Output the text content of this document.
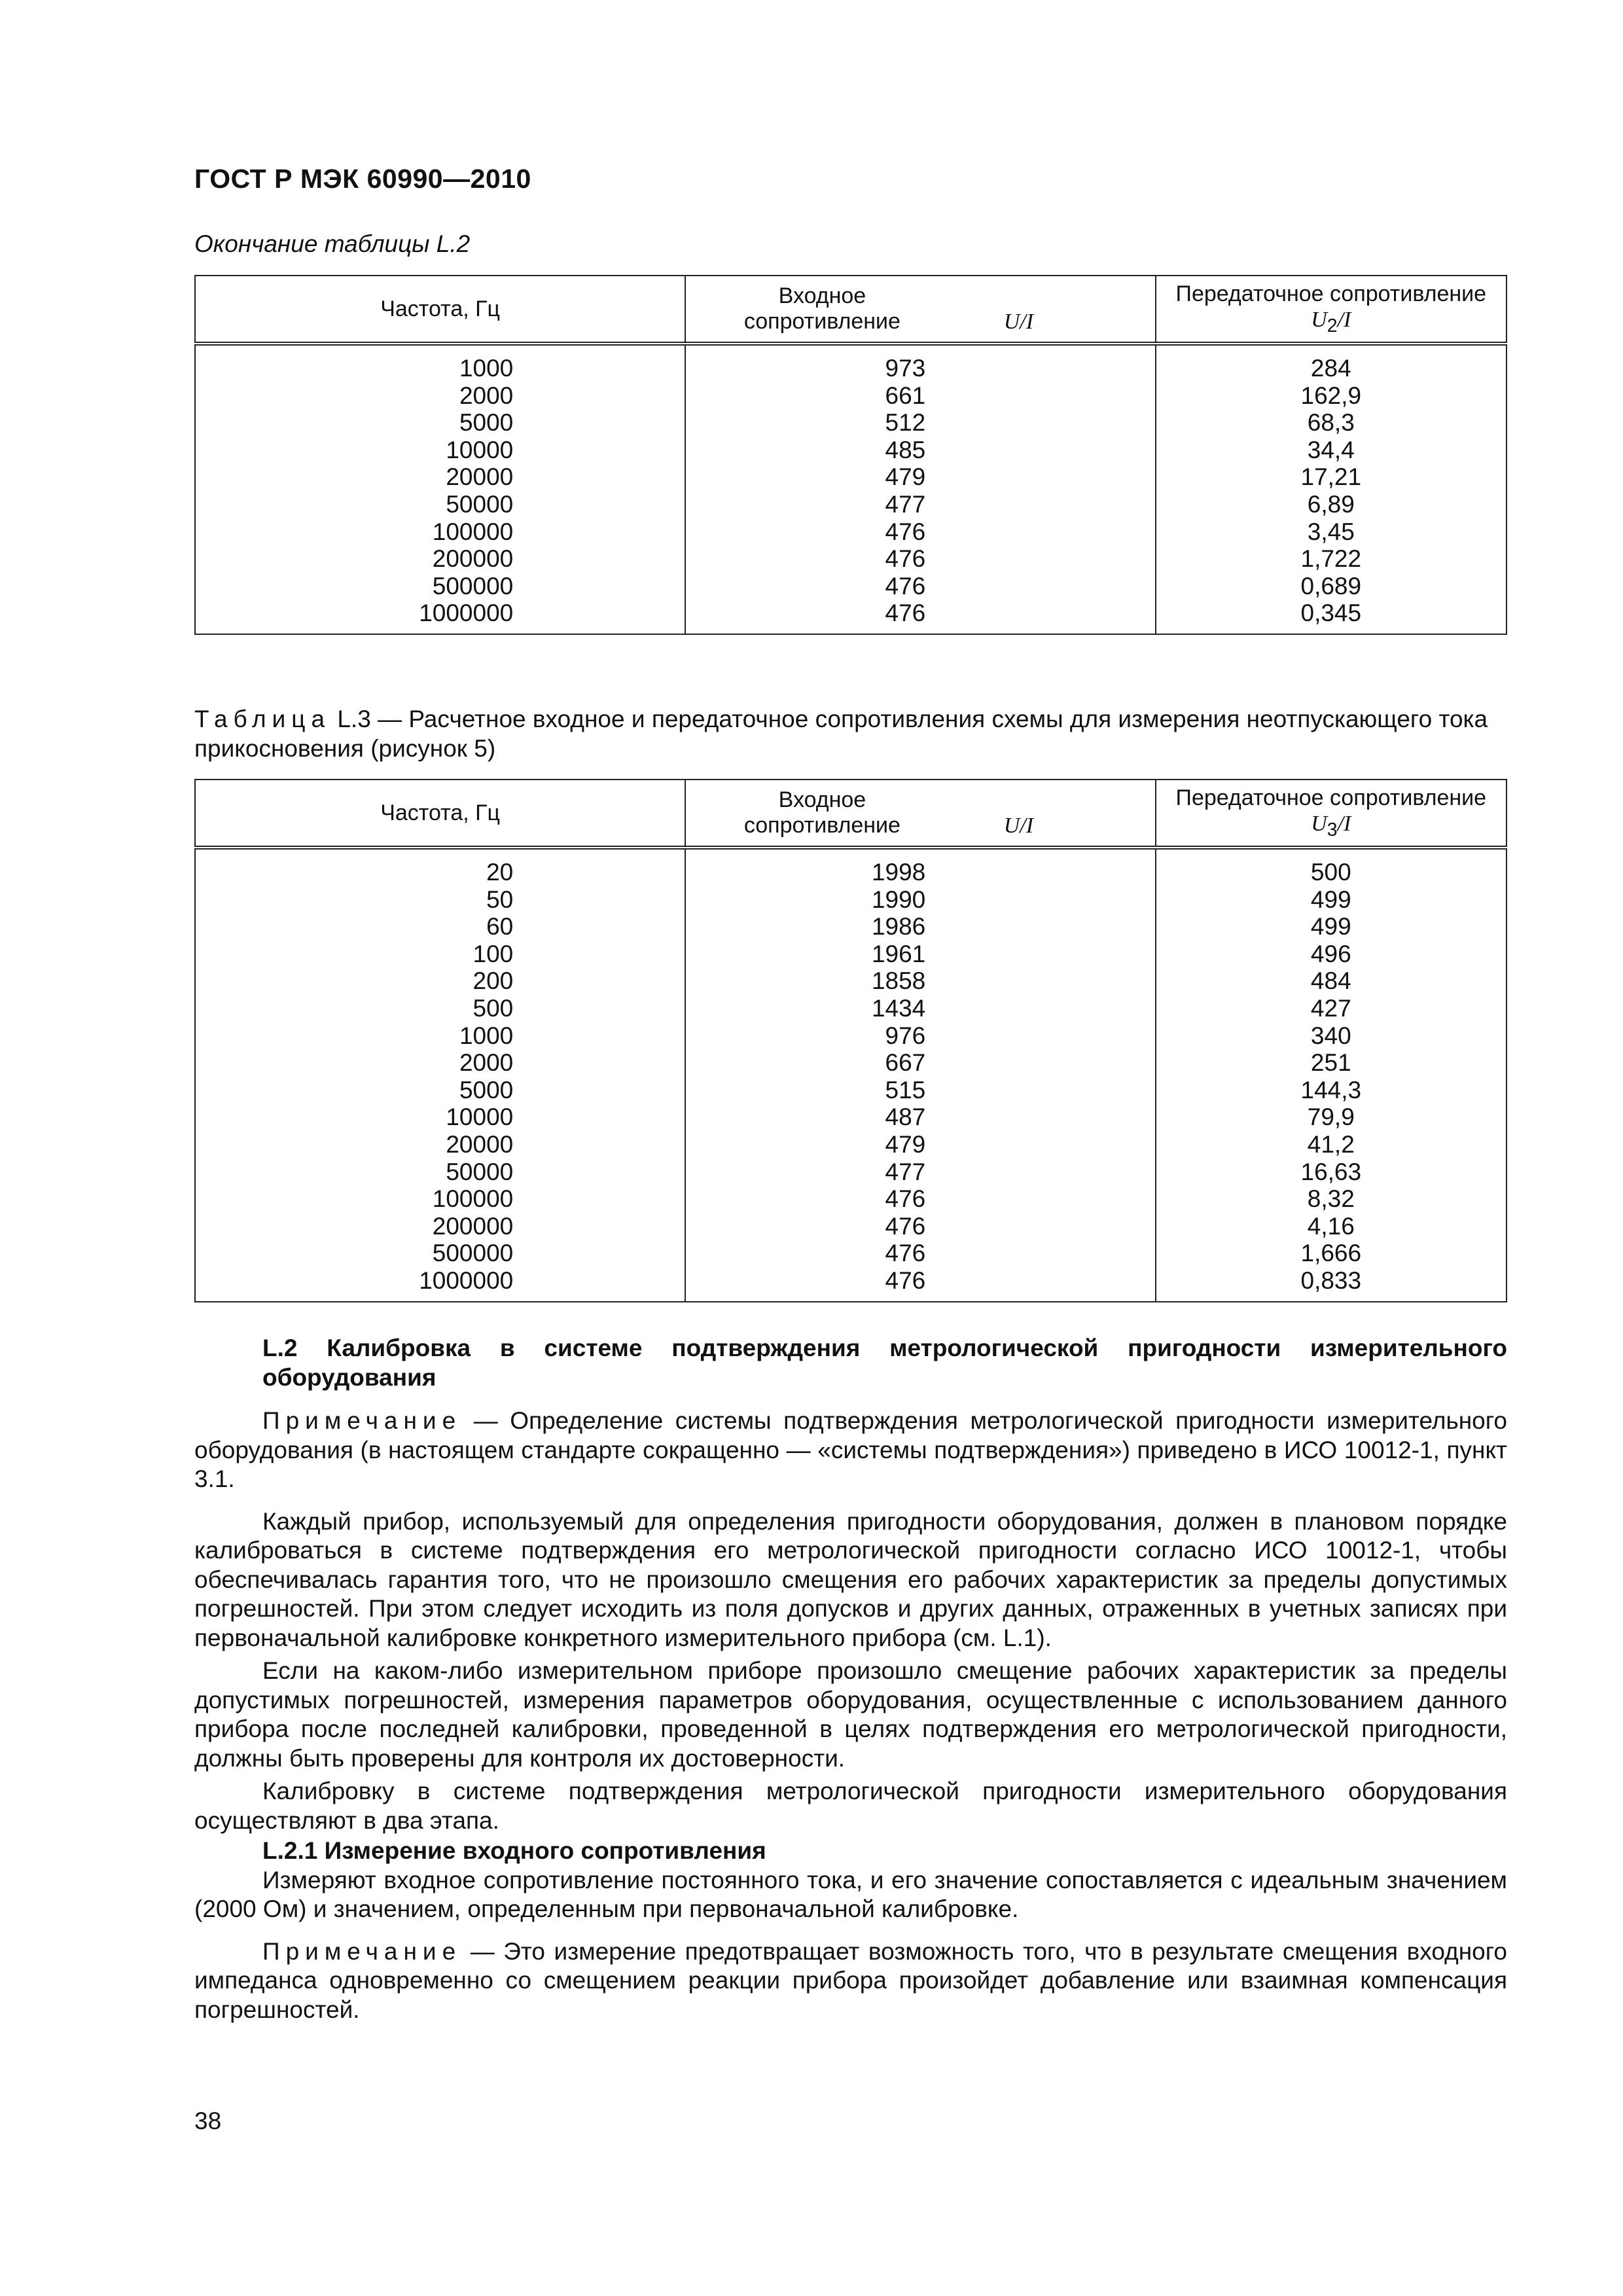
ГОСТ Р МЭК 60990—2010
Окончание таблицы L.2
Частота, Гц	Входное сопротивление U/I	Передаточное сопротивление $U_2/I$
1000	973	284
2000	661	162,9
5000	512	68,3
10000	485	34,4
20000	479	17,21
50000	477	6,89
100000	476	3,45
200000	476	1,722
500000	476	0,689
1000000	476	0,345
Таблица L.3 — Расчетное входное и передаточное сопротивления схемы для измерения неотпускающего тока прикосновения (рисунок 5)
Частота, Гц	Входное сопротивление U/I	Передаточное сопротивление $U_3/I$
20	1998	500
50	1990	499
60	1986	499
100	1961	496
200	1858	484
500	1434	427
1000	976	340
2000	667	251
5000	515	144,3
10000	487	79,9
20000	479	41,2
50000	477	16,63
100000	476	8,32
200000	476	4,16
500000	476	1,666
1000000	476	0,833
L.2 Калибровка в системе подтверждения метрологической пригодности измерительного оборудования
Примечание — Определение системы подтверждения метрологической пригодности измерительного оборудования (в настоящем стандарте сокращенно — «системы подтверждения») приведено в ИСО 10012-1, пункт 3.1.
Каждый прибор, используемый для определения пригодности оборудования, должен в плановом порядке калиброваться в системе подтверждения его метрологической пригодности согласно ИСО 10012-1, чтобы обеспечивалась гарантия того, что не произошло смещения его рабочих характеристик за пределы допустимых погрешностей. При этом следует исходить из поля допусков и других данных, отраженных в учетных записях при первоначальной калибровке конкретного измерительного прибора (см. L.1).
Если на каком-либо измерительном приборе произошло смещение рабочих характеристик за пределы допустимых погрешностей, измерения параметров оборудования, осуществленные с использованием данного прибора после последней калибровки, проведенной в целях подтверждения его метрологической пригодности, должны быть проверены для контроля их достоверности.
Калибровку в системе подтверждения метрологической пригодности измерительного оборудования осуществляют в два этапа.
L.2.1 Измерение входного сопротивления
Измеряют входное сопротивление постоянного тока, и его значение сопоставляется с идеальным значением (2000 Ом) и значением, определенным при первоначальной калибровке.
Примечание — Это измерение предотвращает возможность того, что в результате смещения входного импеданса одновременно со смещением реакции прибора произойдет добавление или взаимная компенсация погрешностей.
38
